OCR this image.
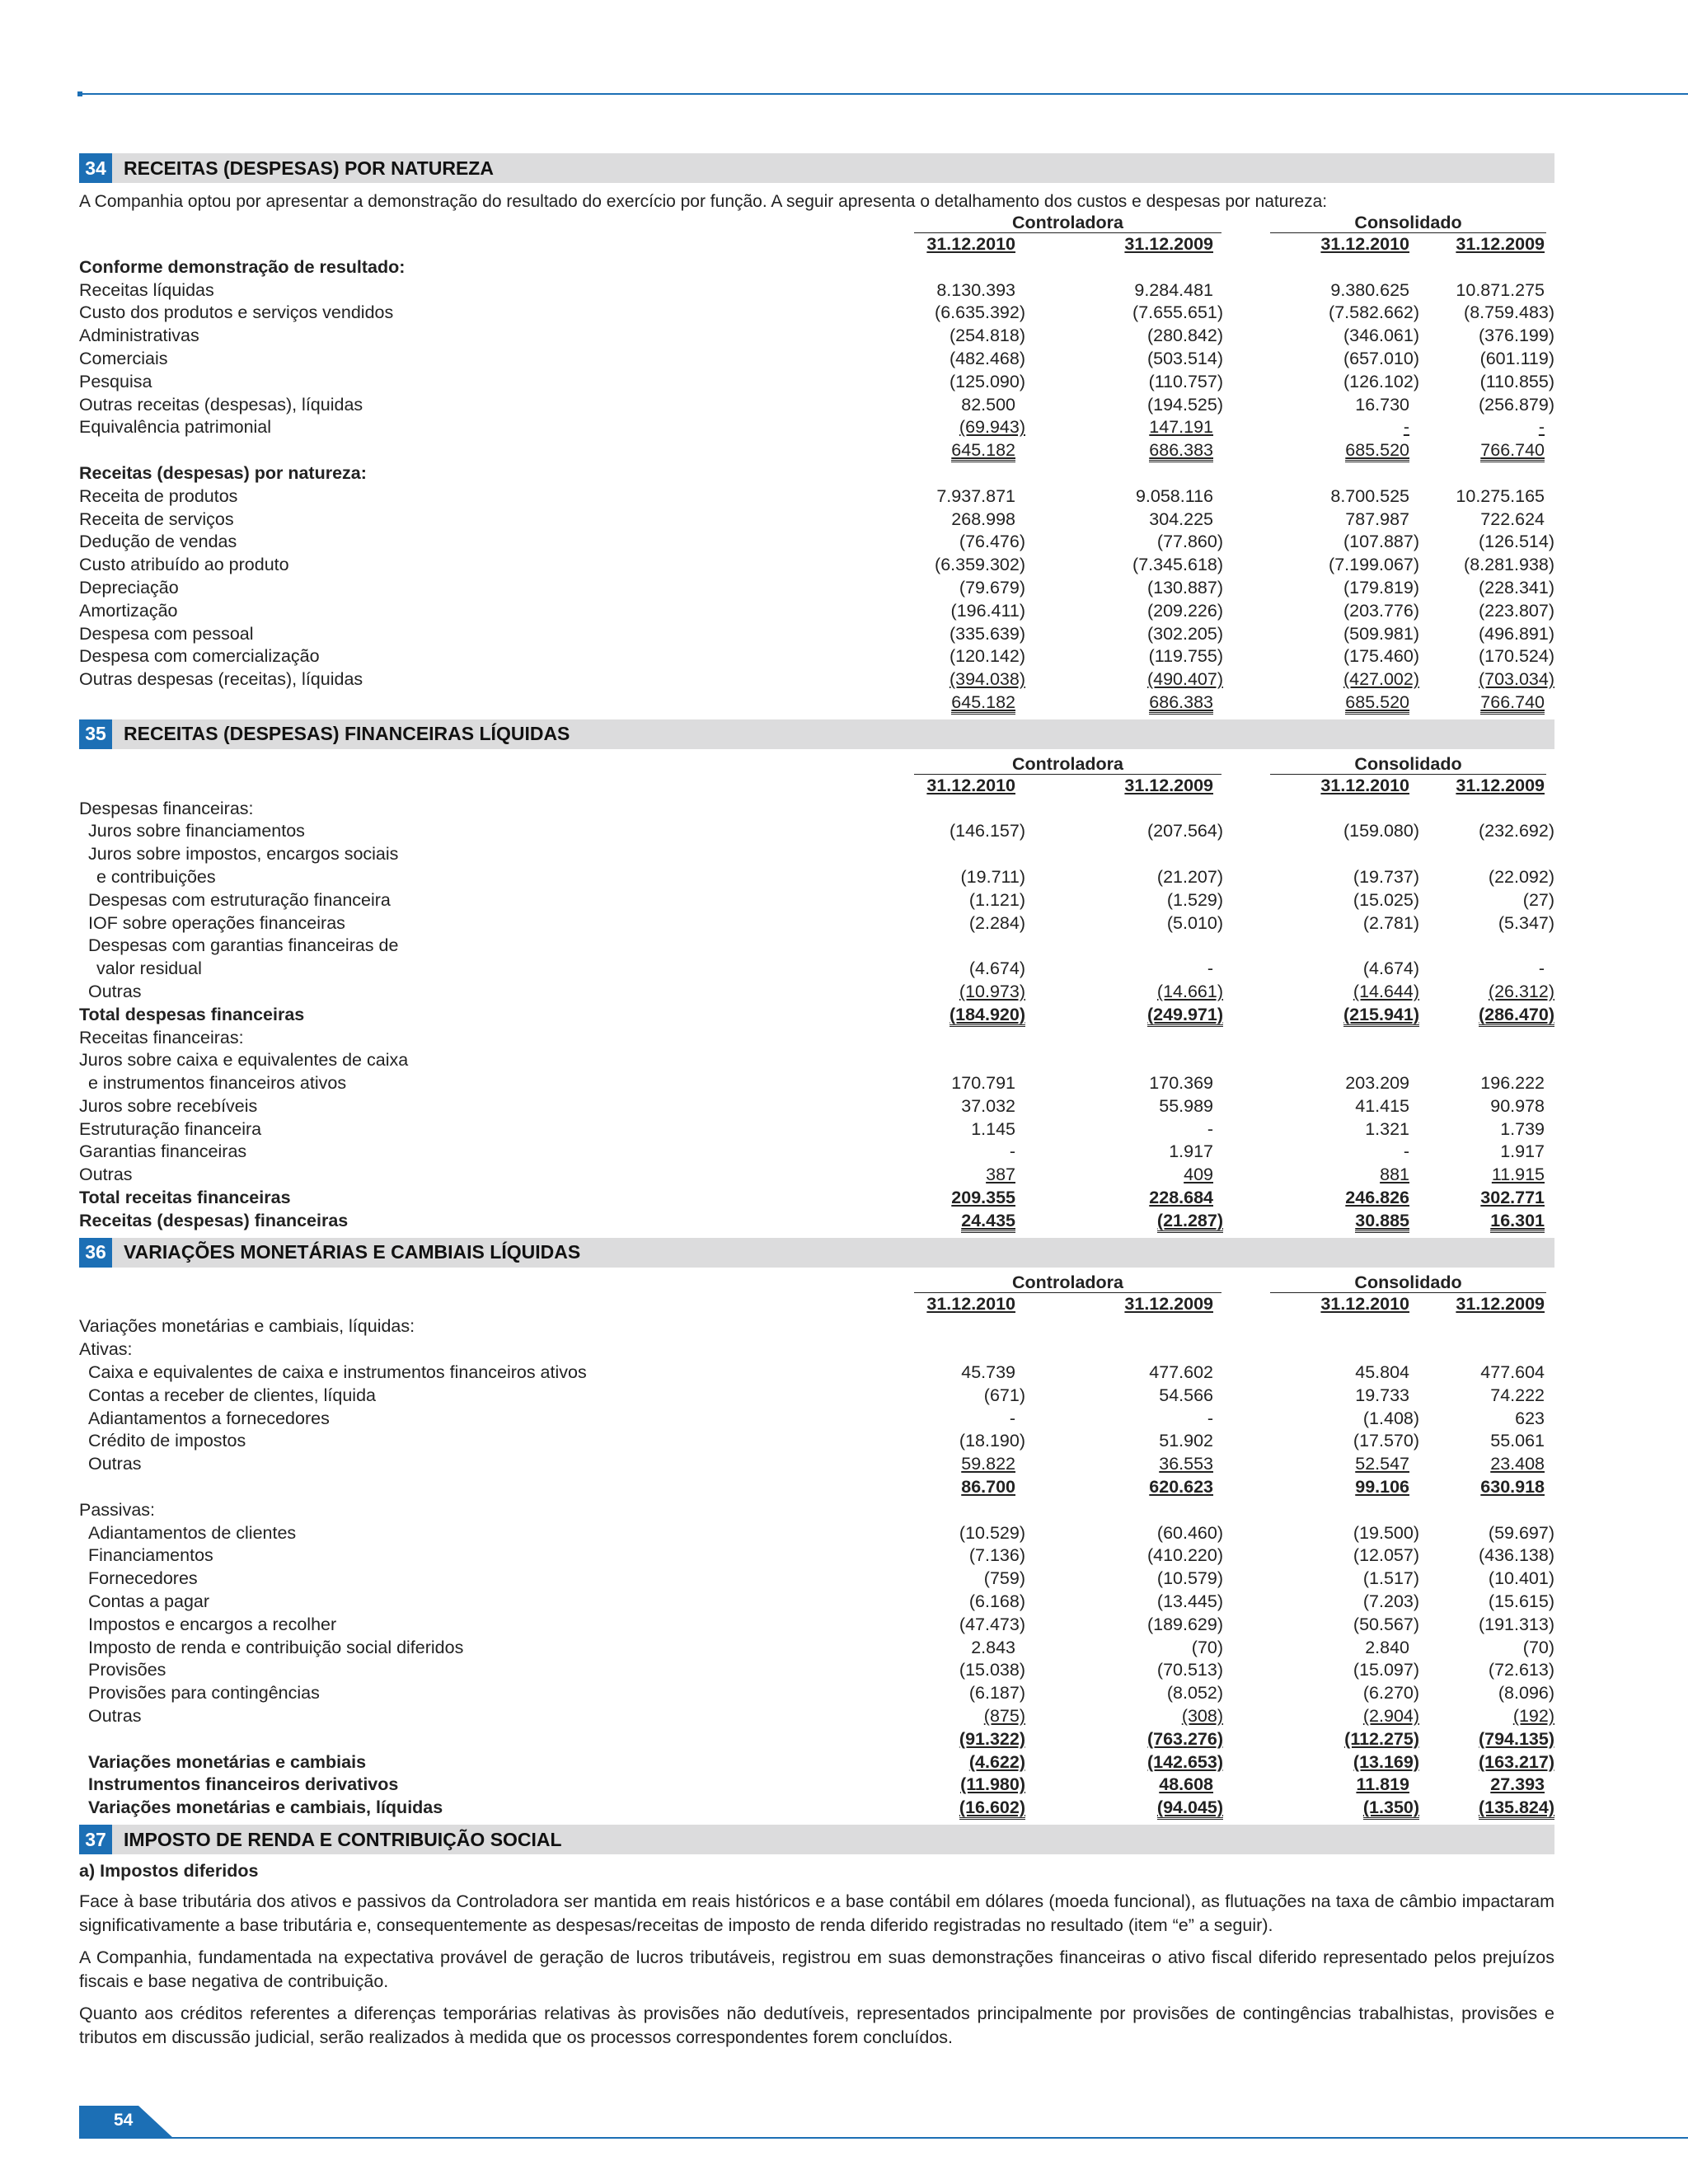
34 RECEITAS (DESPESAS) POR NATUREZA

A Companhia optou por apresentar a demonstração do resultado do exercício por função. A seguir apresenta o detalhamento dos custos e despesas por natureza:

	Controladora		Consolidado	

	31.12.2010	31.12.2009	31.12.2010	31.12.2009
Conforme demonstração de resultado:				
Receitas líquidas	8.130.393	9.284.481	9.380.625	10.871.275
Custo dos produtos e serviços vendidos	(6.635.392)	(7.655.651)	(7.582.662)	(8.759.483)
Administrativas	(254.818)	(280.842)	(346.061)	(376.199)
Comerciais	(482.468)	(503.514)	(657.010)	(601.119)
Pesquisa	(125.090)	(110.757)	(126.102)	(110.855)
Outras receitas (despesas), líquidas	82.500	(194.525)	16.730	(256.879)
Equivalência patrimonial	(69.943)	147.191	-	-
	645.182	686.383	685.520	766.740
Receitas (despesas) por natureza:				
Receita de produtos	7.937.871	9.058.116	8.700.525	10.275.165
Receita de serviços	268.998	304.225	787.987	722.624
Dedução de vendas	(76.476)	(77.860)	(107.887)	(126.514)
Custo atribuído ao produto	(6.359.302)	(7.345.618)	(7.199.067)	(8.281.938)
Depreciação	(79.679)	(130.887)	(179.819)	(228.341)
Amortização	(196.411)	(209.226)	(203.776)	(223.807)
Despesa com pessoal	(335.639)	(302.205)	(509.981)	(496.891)
Despesa com comercialização	(120.142)	(119.755)	(175.460)	(170.524)
Outras despesas (receitas), líquidas	(394.038)	(490.407)	(427.002)	(703.034)
	645.182	686.383	685.520	766.740
35 RECEITAS (DESPESAS) FINANCEIRAS LÍQUIDAS

	Controladora		Consolidado	

	31.12.2010	31.12.2009	31.12.2010	31.12.2009
Despesas financeiras:				
Juros sobre financiamentos	(146.157)	(207.564)	(159.080)	(232.692)
Juros sobre impostos, encargos sociais				
e contribuições	(19.711)	(21.207)	(19.737)	(22.092)
Despesas com estruturação financeira	(1.121)	(1.529)	(15.025)	(27)
IOF sobre operações financeiras	(2.284)	(5.010)	(2.781)	(5.347)
Despesas com garantias financeiras de				
valor residual	(4.674)	-	(4.674)	-
Outras	(10.973)	(14.661)	(14.644)	(26.312)
Total despesas financeiras	(184.920)	(249.971)	(215.941)	(286.470)
Receitas financeiras:				
Juros sobre caixa e equivalentes de caixa				
e instrumentos financeiros ativos	170.791	170.369	203.209	196.222
Juros sobre recebíveis	37.032	55.989	41.415	90.978
Estruturação financeira	1.145	-	1.321	1.739
Garantias financeiras	-	1.917	-	1.917
Outras	387	409	881	11.915
Total receitas financeiras	209.355	228.684	246.826	302.771
Receitas (despesas) financeiras	24.435	(21.287)	30.885	16.301
36 VARIAÇÕES MONETÁRIAS E CAMBIAIS LÍQUIDAS

	Controladora		Consolidado	

	31.12.2010	31.12.2009	31.12.2010	31.12.2009
Variações monetárias e cambiais, líquidas:				
Ativas:				
Caixa e equivalentes de caixa e instrumentos financeiros ativos	45.739	477.602	45.804	477.604
Contas a receber de clientes, líquida	(671)	54.566	19.733	74.222
Adiantamentos a fornecedores	-	-	(1.408)	623
Crédito de impostos	(18.190)	51.902	(17.570)	55.061
Outras	59.822	36.553	52.547	23.408
	86.700	620.623	99.106	630.918
Passivas:				
Adiantamentos de clientes	(10.529)	(60.460)	(19.500)	(59.697)
Financiamentos	(7.136)	(410.220)	(12.057)	(436.138)
Fornecedores	(759)	(10.579)	(1.517)	(10.401)
Contas a pagar	(6.168)	(13.445)	(7.203)	(15.615)
Impostos e encargos a recolher	(47.473)	(189.629)	(50.567)	(191.313)
Imposto de renda e contribuição social diferidos	2.843	(70)	2.840	(70)
Provisões	(15.038)	(70.513)	(15.097)	(72.613)
Provisões para contingências	(6.187)	(8.052)	(6.270)	(8.096)
Outras	(875)	(308)	(2.904)	(192)
	(91.322)	(763.276)	(112.275)	(794.135)
Variações monetárias e cambiais	(4.622)	(142.653)	(13.169)	(163.217)
Instrumentos financeiros derivativos	(11.980)	48.608	11.819	27.393
Variações monetárias e cambiais, líquidas	(16.602)	(94.045)	(1.350)	(135.824)
37 IMPOSTO DE RENDA E CONTRIBUIÇÃO SOCIAL
a) Impostos diferidos

Face à base tributária dos ativos e passivos da Controladora ser mantida em reais históricos e a base contábil em dólares (moeda funcional), as flutuações na taxa de câmbio impactaram significativamente a base tributária e, consequentemente as despesas/receitas de imposto de renda diferido registradas no resultado (item “e” a seguir).

A Companhia, fundamentada na expectativa provável de geração de lucros tributáveis, registrou em suas demonstrações financeiras o ativo fiscal diferido representado pelos prejuízos fiscais e base negativa de contribuição.

Quanto aos créditos referentes a diferenças temporárias relativas às provisões não dedutíveis, representados principalmente por provisões de contingências trabalhistas, provisões e tributos em discussão judicial, serão realizados à medida que os processos correspondentes forem concluídos.

54
